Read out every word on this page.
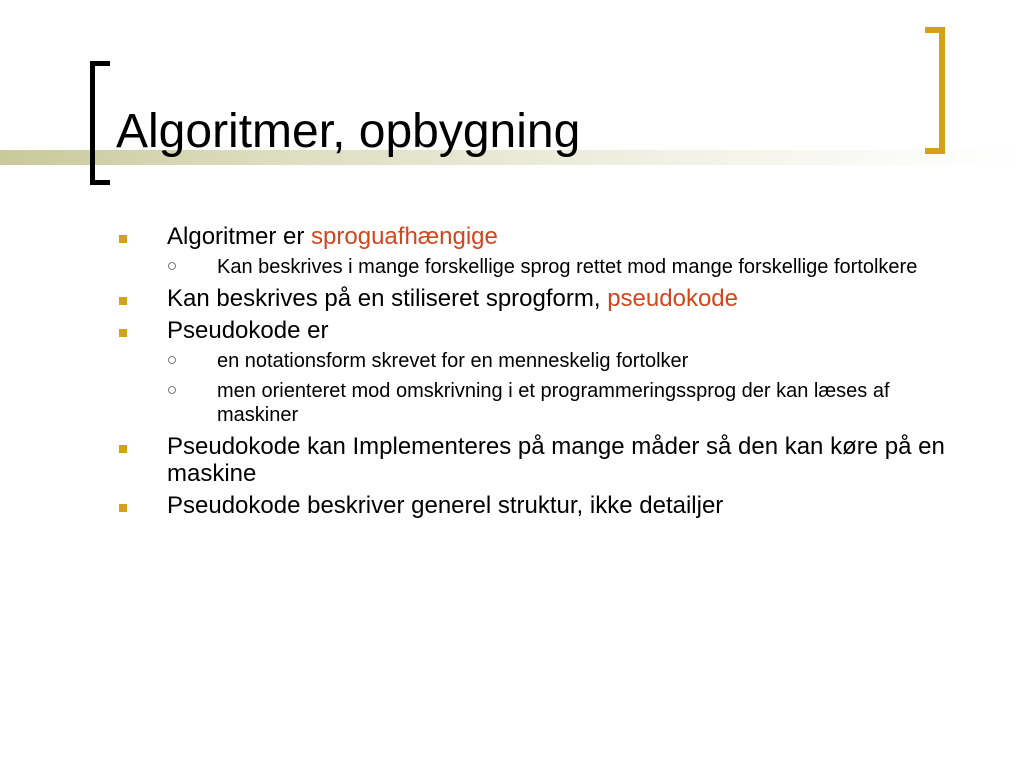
Algoritmer, opbygning
Algoritmer er sproguafhængige
Kan beskrives i mange forskellige sprog rettet mod mange forskellige fortolkere
Kan beskrives på en stiliseret sprogform, pseudokode
Pseudokode er
en notationsform skrevet for en menneskelig fortolker
men orienteret mod omskrivning i et programmeringssprog der kan læses af maskiner
Pseudokode kan Implementeres på mange måder så den kan køre på en maskine
Pseudokode beskriver generel struktur, ikke detailjer
